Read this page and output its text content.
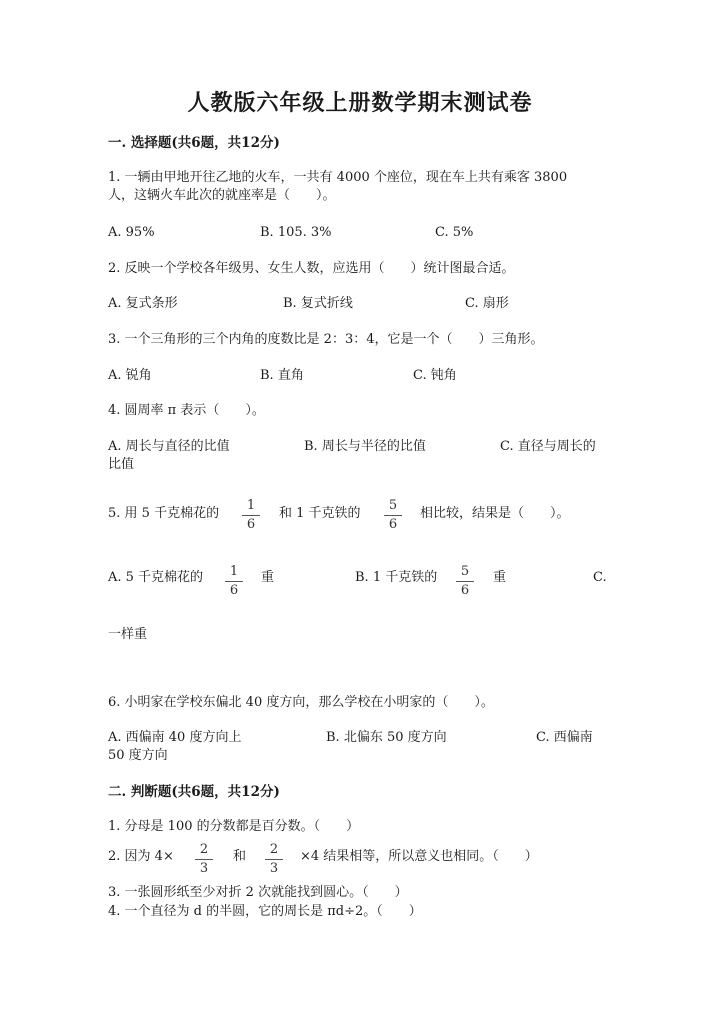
人教版六年级上册数学期末测试卷
一. 选择题(共6题，共12分)
1. 一辆由甲地开往乙地的火车，一共有 4000 个座位，现在车上共有乘客 3800
人，这辆火车此次的就座率是（　　）。
A. 95%	B. 105. 3%	C. 5%
2. 反映一个学校各年级男、女生人数，应选用（　　）统计图最合适。
A. 复式条形	B. 复式折线	C. 扇形
3. 一个三角形的三个内角的度数比是 2：3：4，它是一个（　　）三角形。
A. 锐角	B. 直角	C. 钝角
4. 圆周率 π 表示（　　）。
A. 周长与直径的比值	B. 周长与半径的比值	C. 直径与周长的
比值
5. 用 5 千克棉花的 $\frac{1}{6}$ 和 1 千克铁的 $\frac{5}{6}$ 相比较，结果是（　　）。
A. 5 千克棉花的 $\frac{1}{6}$ 重	B. 1 千克铁的 $\frac{5}{6}$ 重	C.
一样重
6. 小明家在学校东偏北 40 度方向，那么学校在小明家的（　　）。
A. 西偏南 40 度方向上	B. 北偏东 50 度方向	C. 西偏南
50 度方向
二. 判断题(共6题，共12分)
1. 分母是 100 的分数都是百分数。（　　）
2. 因为 $4\times \frac{2}{3}$ 和 $\frac{2}{3} \times 4$ 结果相等，所以意义也相同。（　　）
3. 一张圆形纸至少对折 2 次就能找到圆心。（　　）
4. 一个直径为 d 的半圆，它的周长是 πd÷2。（　　）
